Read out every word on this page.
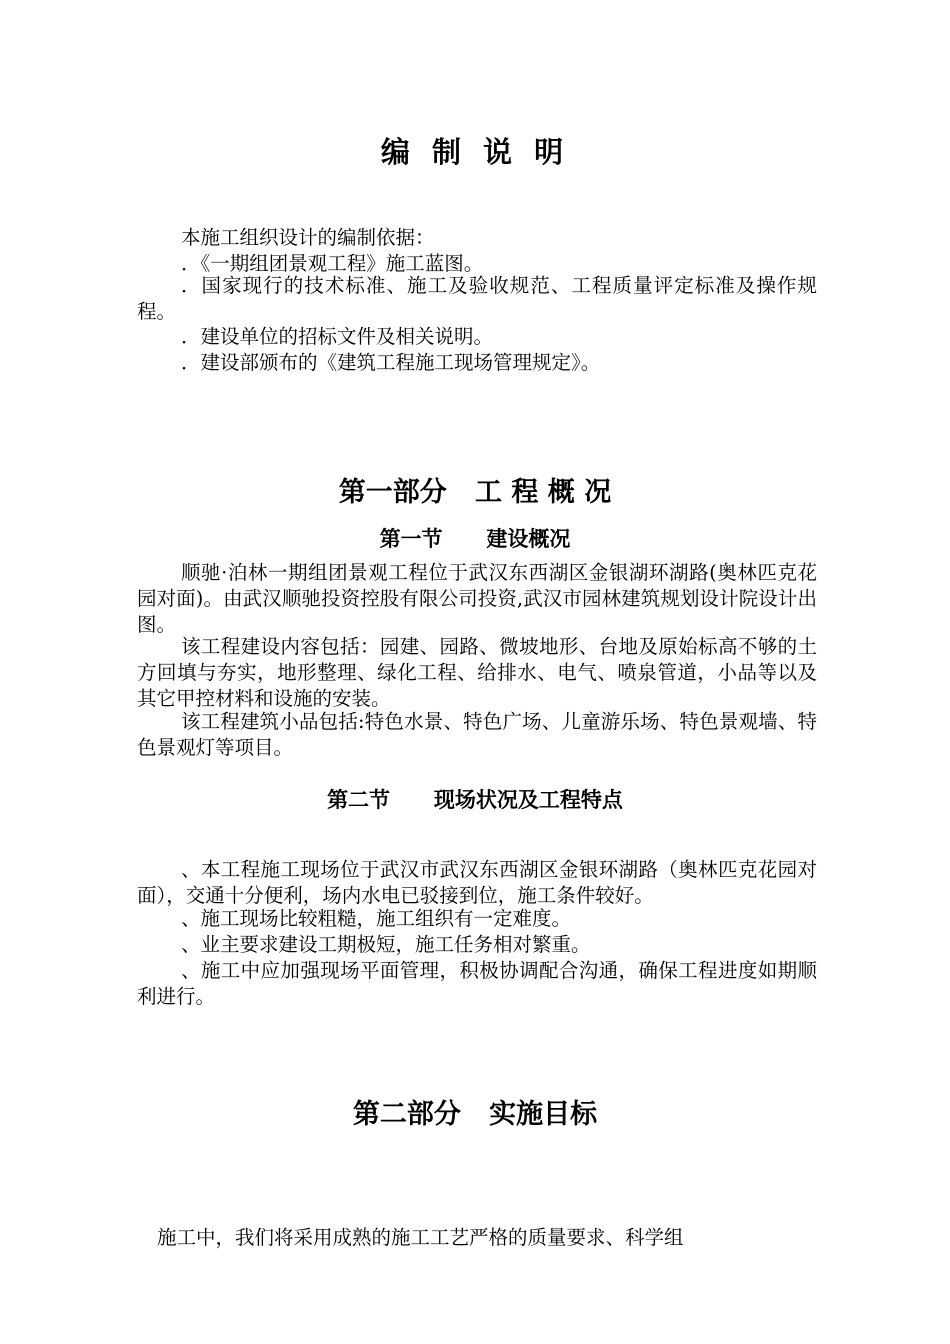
编 制 说 明

本施工组织设计的编制依据：

．《一期组团景观工程》施工蓝图。

．国家现行的技术标准、施工及验收规范、工程质量评定标准及操作规程。

．建设单位的招标文件及相关说明。

．建设部颁布的《建筑工程施工现场管理规定》。

第一部分   工 程 概 况
第一节      建设概况

顺驰·泊林一期组团景观工程位于武汉东西湖区金银湖环湖路(奥林匹克花园对面)。由武汉顺驰投资控股有限公司投资,武汉市园林建筑规划设计院设计出图。

该工程建设内容包括：园建、园路、微坡地形、台地及原始标高不够的土方回填与夯实，地形整理、绿化工程、给排水、电气、喷泉管道，小品等以及其它甲控材料和设施的安装。

该工程建筑小品包括:特色水景、特色广场、儿童游乐场、特色景观墙、特色景观灯等项目。

第二节      现场状况及工程特点

、本工程施工现场位于武汉市武汉东西湖区金银环湖路（奥林匹克花园对面），交通十分便利，场内水电已驳接到位，施工条件较好。

、施工现场比较粗糙，施工组织有一定难度。

、业主要求建设工期极短，施工任务相对繁重。

、施工中应加强现场平面管理，积极协调配合沟通，确保工程进度如期顺利进行。

第二部分   实施目标

施工中，我们将采用成熟的施工工艺严格的质量要求、科学组
